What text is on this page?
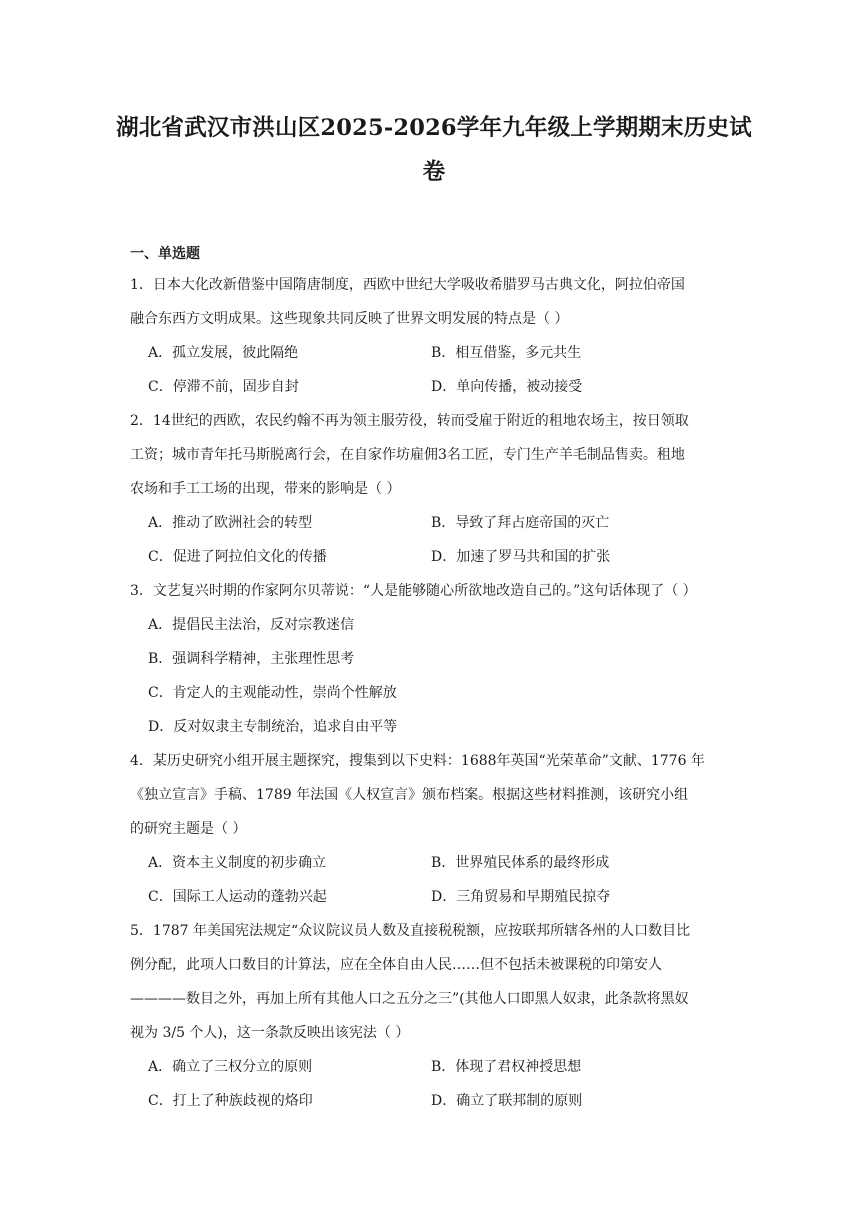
湖北省武汉市洪山区2025-2026学年九年级上学期期末历史试
卷
一、单选题
1．日本大化改新借鉴中国隋唐制度，西欧中世纪大学吸收希腊罗马古典文化，阿拉伯帝国
融合东西方文明成果。这些现象共同反映了世界文明发展的特点是（ ）
A．孤立发展，彼此隔绝	B．相互借鉴，多元共生
C．停滞不前，固步自封	D．单向传播，被动接受
2．14世纪的西欧，农民约翰不再为领主服劳役，转而受雇于附近的租地农场主，按日领取
工资；城市青年托马斯脱离行会，在自家作坊雇佣3名工匠，专门生产羊毛制品售卖。租地
农场和手工工场的出现，带来的影响是（ ）
A．推动了欧洲社会的转型	B．导致了拜占庭帝国的灭亡
C．促进了阿拉伯文化的传播	D．加速了罗马共和国的扩张
3．文艺复兴时期的作家阿尔贝蒂说：“人是能够随心所欲地改造自己的。”这句话体现了（ ）
A．提倡民主法治，反对宗教迷信
B．强调科学精神，主张理性思考
C．肯定人的主观能动性，崇尚个性解放
D．反对奴隶主专制统治，追求自由平等
4．某历史研究小组开展主题探究，搜集到以下史料：1688年英国“光荣革命”文献、1776 年
《独立宣言》手稿、1789 年法国《人权宣言》颁布档案。根据这些材料推测，该研究小组
的研究主题是（ ）
A．资本主义制度的初步确立	B．世界殖民体系的最终形成
C．国际工人运动的蓬勃兴起	D．三角贸易和早期殖民掠夺
5．1787 年美国宪法规定“众议院议员人数及直接税税额，应按联邦所辖各州的人口数目比
例分配，此项人口数目的计算法，应在全体自由人民……但不包括未被课税的印第安人
————数目之外，再加上所有其他人口之五分之三”(其他人口即黑人奴隶，此条款将黑奴
视为 3/5 个人)，这一条款反映出该宪法（ ）
A．确立了三权分立的原则	B．体现了君权神授思想
C．打上了种族歧视的烙印	D．确立了联邦制的原则
